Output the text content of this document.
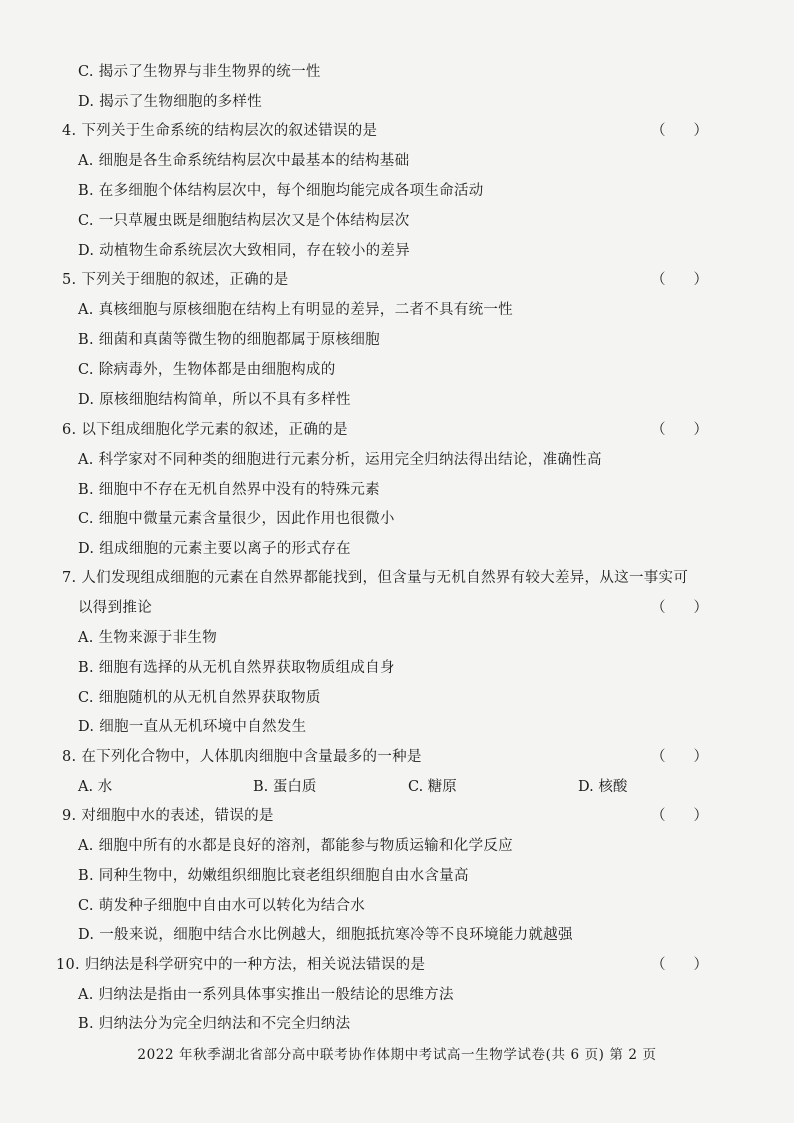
C. 揭示了生物界与非生物界的统一性
D. 揭示了生物细胞的多样性
4. 下列关于生命系统的结构层次的叙述错误的是	（）
A. 细胞是各生命系统结构层次中最基本的结构基础
B. 在多细胞个体结构层次中，每个细胞均能完成各项生命活动
C. 一只草履虫既是细胞结构层次又是个体结构层次
D. 动植物生命系统层次大致相同，存在较小的差异
5. 下列关于细胞的叙述，正确的是	（）
A. 真核细胞与原核细胞在结构上有明显的差异，二者不具有统一性
B. 细菌和真菌等微生物的细胞都属于原核细胞
C. 除病毒外，生物体都是由细胞构成的
D. 原核细胞结构简单，所以不具有多样性
6. 以下组成细胞化学元素的叙述，正确的是	（）
A. 科学家对不同种类的细胞进行元素分析，运用完全归纳法得出结论，准确性高
B. 细胞中不存在无机自然界中没有的特殊元素
C. 细胞中微量元素含量很少，因此作用也很微小
D. 组成细胞的元素主要以离子的形式存在
7. 人们发现组成细胞的元素在自然界都能找到，但含量与无机自然界有较大差异，从这一事实可
以得到推论	（）
A. 生物来源于非生物
B. 细胞有选择的从无机自然界获取物质组成自身
C. 细胞随机的从无机自然界获取物质
D. 细胞一直从无机环境中自然发生
8. 在下列化合物中，人体肌肉细胞中含量最多的一种是	（）
A. 水	B. 蛋白质	C. 糖原	D. 核酸
9. 对细胞中水的表述，错误的是	（）
A. 细胞中所有的水都是良好的溶剂，都能参与物质运输和化学反应
B. 同种生物中，幼嫩组织细胞比衰老组织细胞自由水含量高
C. 萌发种子细胞中自由水可以转化为结合水
D. 一般来说，细胞中结合水比例越大，细胞抵抗寒冷等不良环境能力就越强
10. 归纳法是科学研究中的一种方法，相关说法错误的是	（）
A. 归纳法是指由一系列具体事实推出一般结论的思维方法
B. 归纳法分为完全归纳法和不完全归纳法
2022 年秋季湖北省部分高中联考协作体期中考试高一生物学试卷(共 6 页) 第 2 页
